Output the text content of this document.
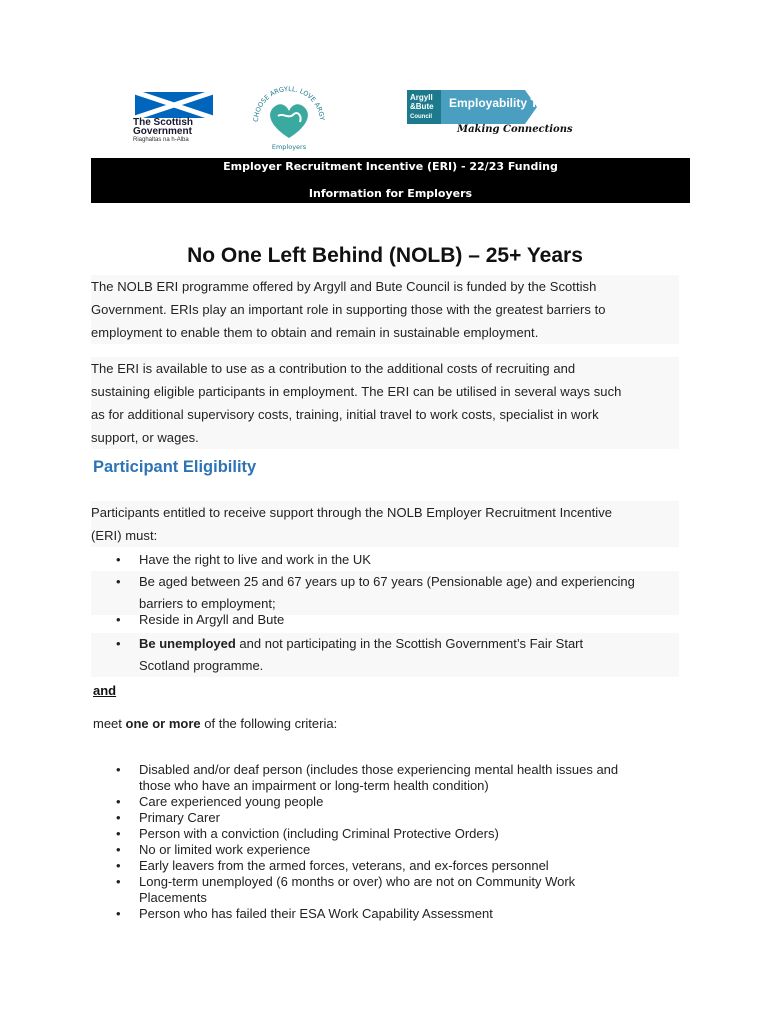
The Scottish
Government
Riaghaltas na h-Alba
CHOOSE ARGYLL. LOVE ARGY
Employers
Argyll
&Bute
Council
Employability Team
Making Connections
Employer Recruitment Incentive (ERI) - 22/23 Funding
Information for Employers
No One Left Behind (NOLB) – 25+ Years
The NOLB ERI programme offered by Argyll and Bute Council is funded by the Scottish
Government. ERIs play an important role in supporting those with the greatest barriers to
employment to enable them to obtain and remain in sustainable employment.
The ERI is available to use as a contribution to the additional costs of recruiting and
sustaining eligible participants in employment. The ERI can be utilised in several ways such
as for additional supervisory costs, training, initial travel to work costs, specialist in work
support, or wages.
Participant Eligibility
Participants entitled to receive support through the NOLB Employer Recruitment Incentive
(ERI) must:
• Have the right to live and work in the UK
• Be aged between 25 and 67 years up to 67 years (Pensionable age) and experiencing
barriers to employment;
• Reside in Argyll and Bute
• Be unemployed and not participating in the Scottish Government’s Fair Start
Scotland programme.
and
meet one or more of the following criteria:
• Disabled and/or deaf person (includes those experiencing mental health issues and
those who have an impairment or long-term health condition)
• Care experienced young people
• Primary Carer
• Person with a conviction (including Criminal Protective Orders)
• No or limited work experience
• Early leavers from the armed forces, veterans, and ex-forces personnel
• Long-term unemployed (6 months or over) who are not on Community Work
Placements
• Person who has failed their ESA Work Capability Assessment
